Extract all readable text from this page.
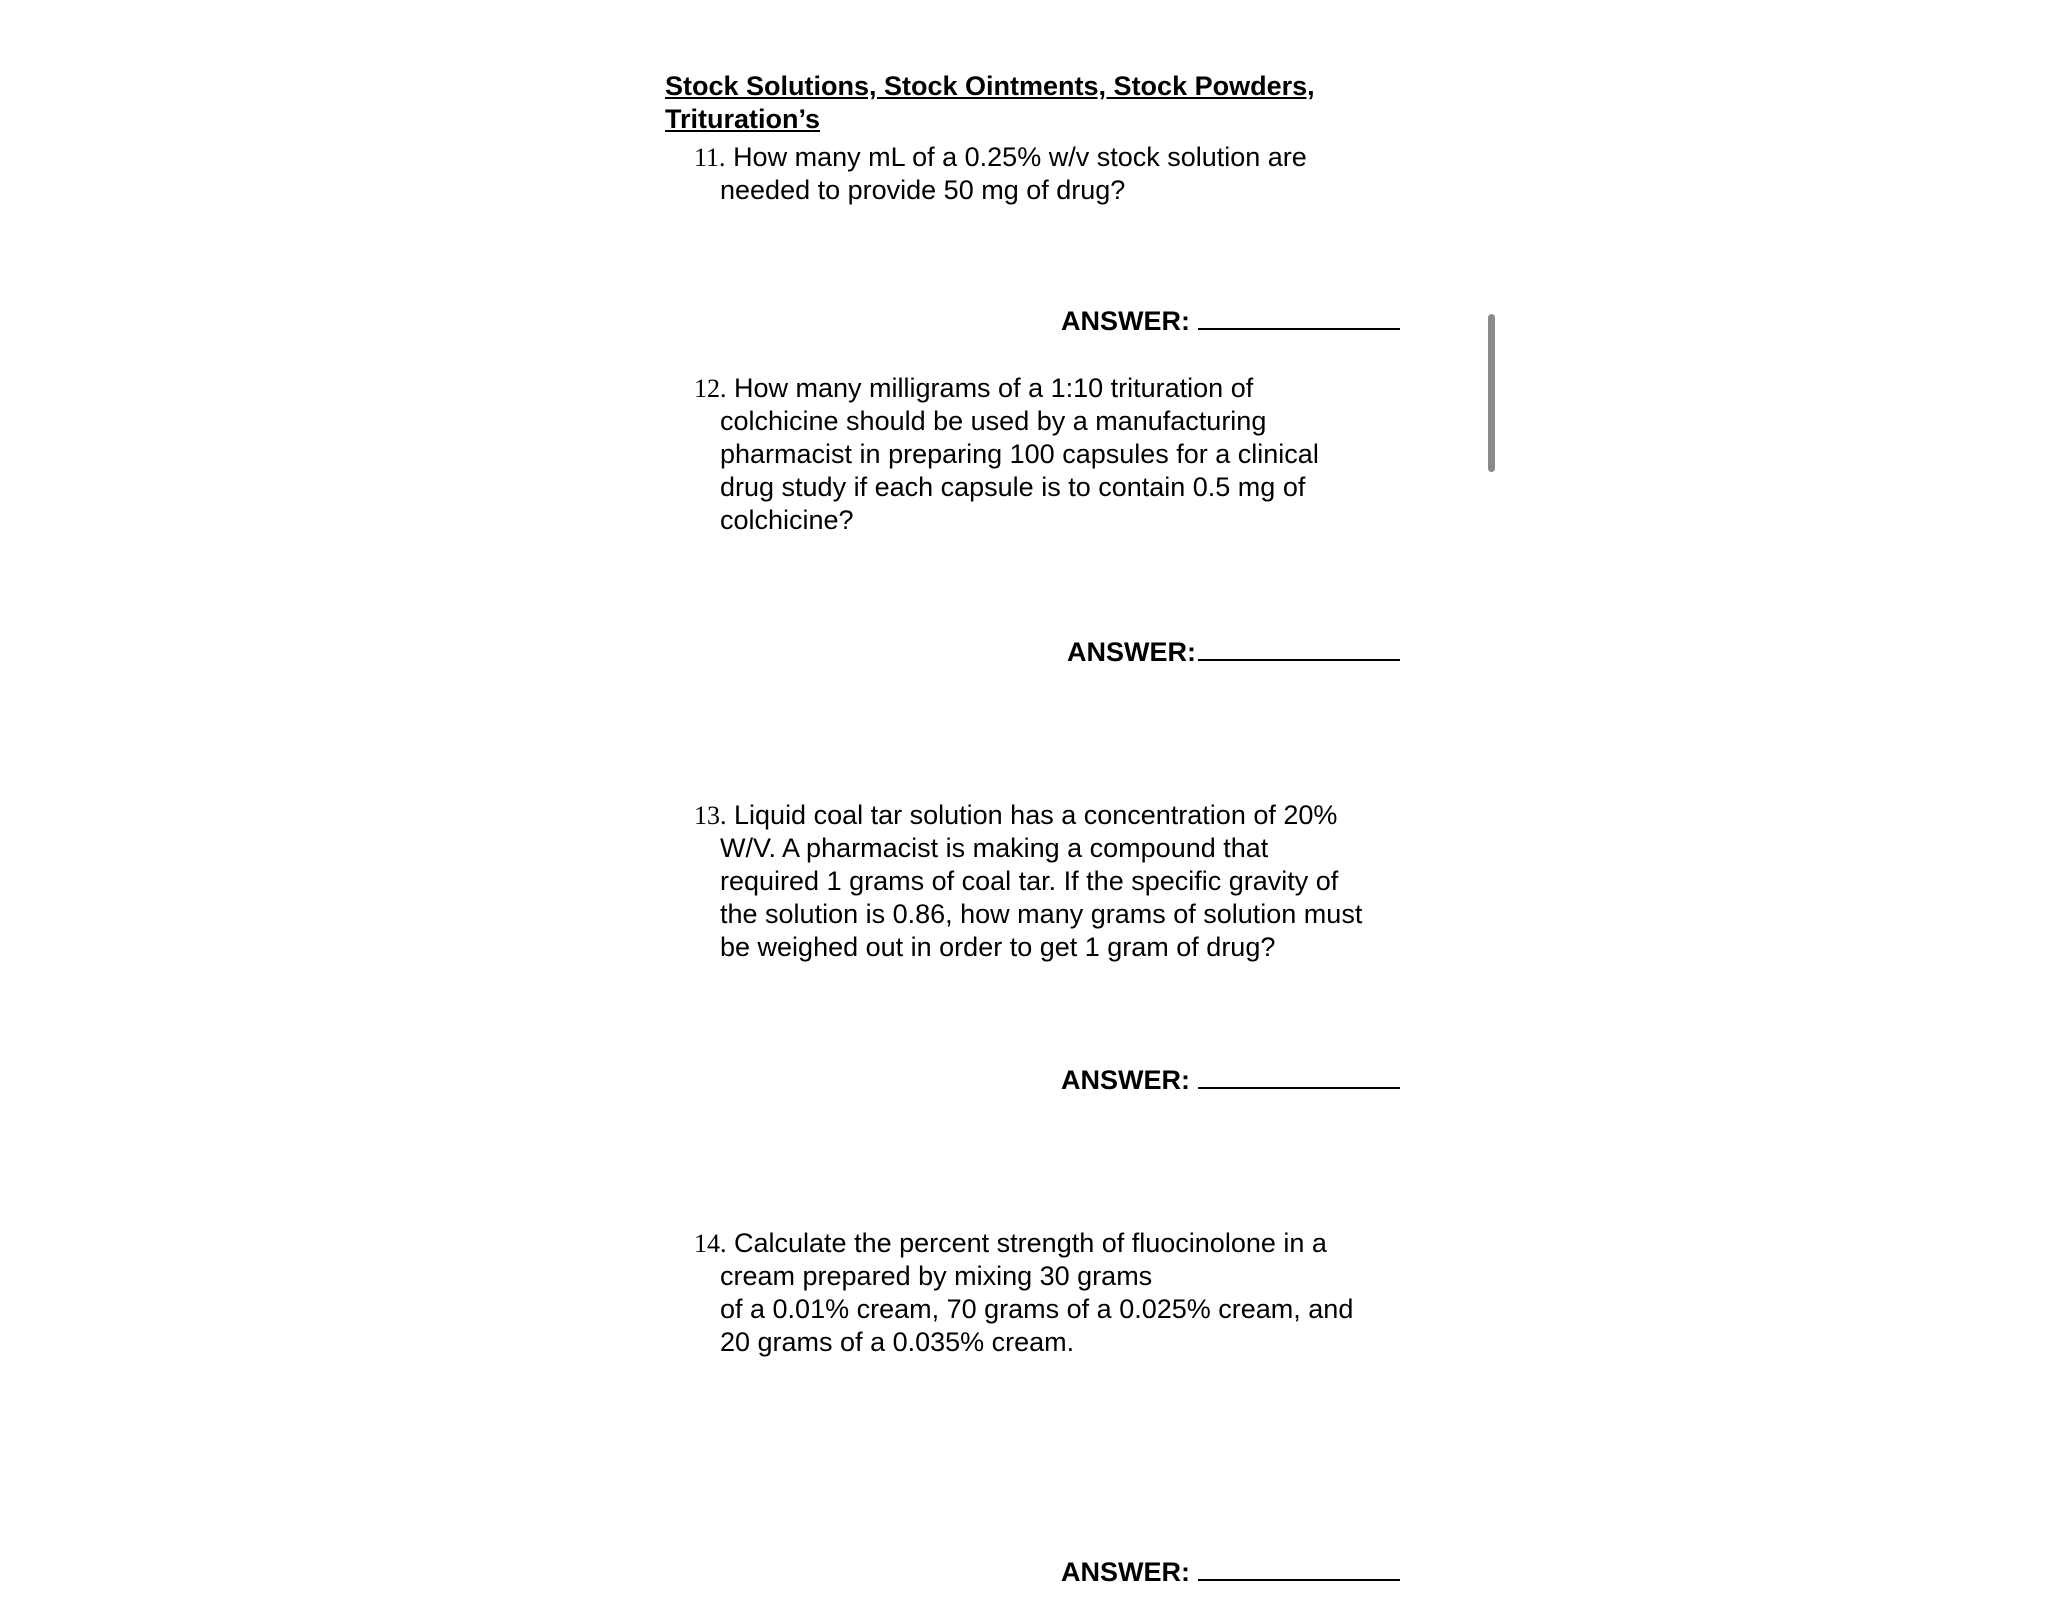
Stock Solutions, Stock Ointments, Stock Powders,
Trituration’s
11. How many mL of a 0.25% w/v stock solution are
needed to provide 50 mg of drug?
ANSWER:
12. How many milligrams of a 1:10 trituration of
colchicine should be used by a manufacturing
pharmacist in preparing 100 capsules for a clinical
drug study if each capsule is to contain 0.5 mg of
colchicine?
ANSWER:
13. Liquid coal tar solution has a concentration of 20%
W/V. A pharmacist is making a compound that
required 1 grams of coal tar. If the specific gravity of
the solution is 0.86, how many grams of solution must
be weighed out in order to get 1 gram of drug?
ANSWER:
14. Calculate the percent strength of fluocinolone in a
cream prepared by mixing 30 grams
of a 0.01% cream, 70 grams of a 0.025% cream, and
20 grams of a 0.035% cream.
ANSWER:
